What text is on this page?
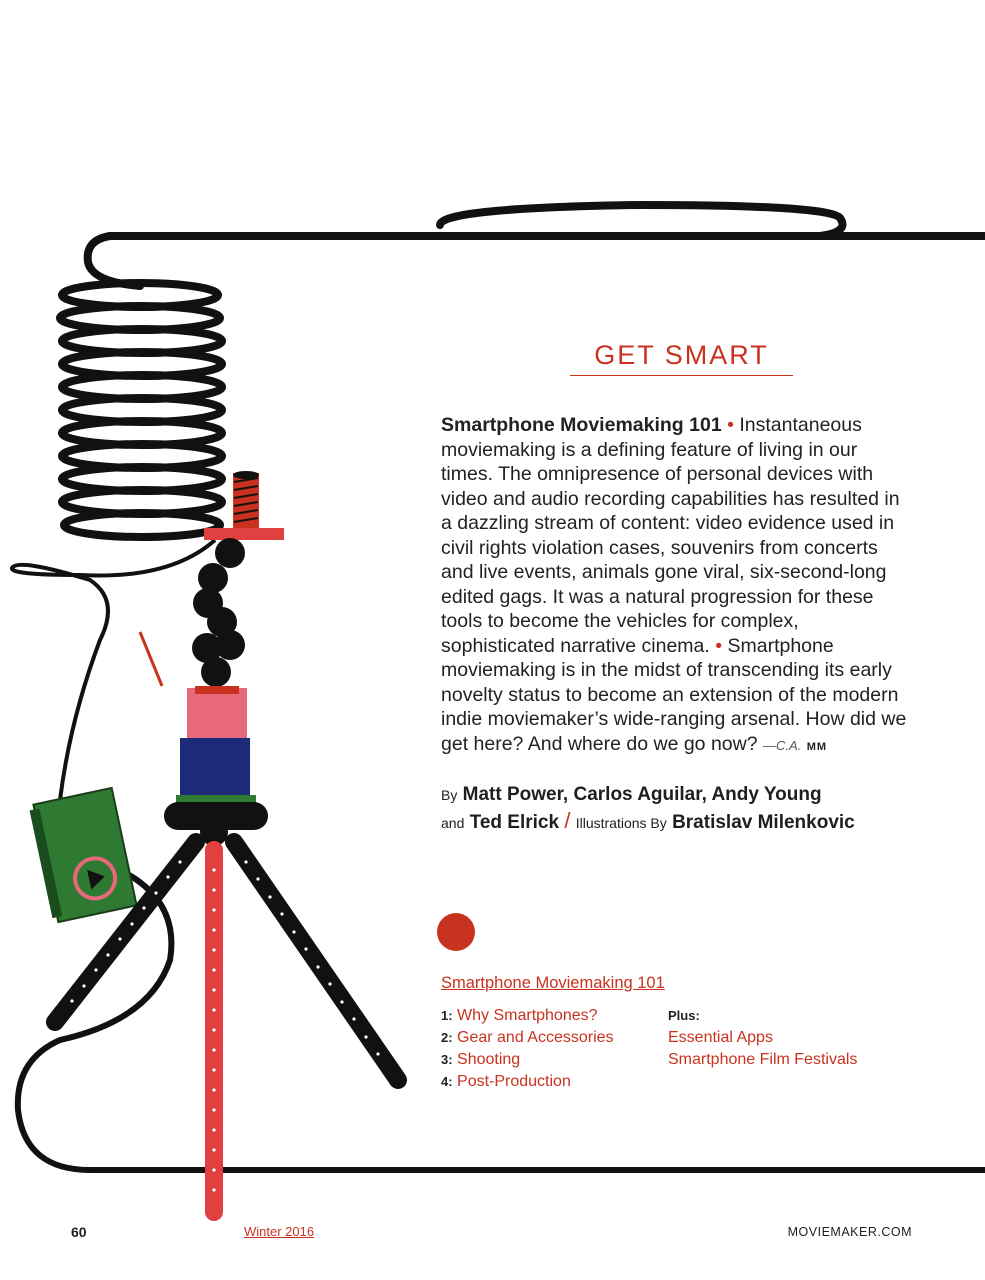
GET SMART
Smartphone Moviemaking 101 • Instantaneous moviemaking is a defining feature of living in our times. The omnipresence of personal devices with video and audio recording capabilities has resulted in a dazzling stream of content: video evidence used in civil rights violation cases, souvenirs from concerts and live events, animals gone viral, six-second-long edited gags. It was a natural progression for these tools to become the vehicles for complex, sophisticated narrative cinema. • Smartphone moviemaking is in the midst of transcending its early novelty status to become an extension of the modern indie moviemaker’s wide-ranging arsenal. How did we get here? And where do we go now? —C.A. MM
By Matt Power, Carlos Aguilar, Andy Young
and Ted Elrick / Illustrations By Bratislav Milenkovic
Smartphone Moviemaking 101
1: Why Smartphones?
2: Gear and Accessories
3: Shooting
4: Post-Production
Plus:
Essential Apps
Smartphone Film Festivals
60	Winter 2016	MOVIEMAKER.COM
